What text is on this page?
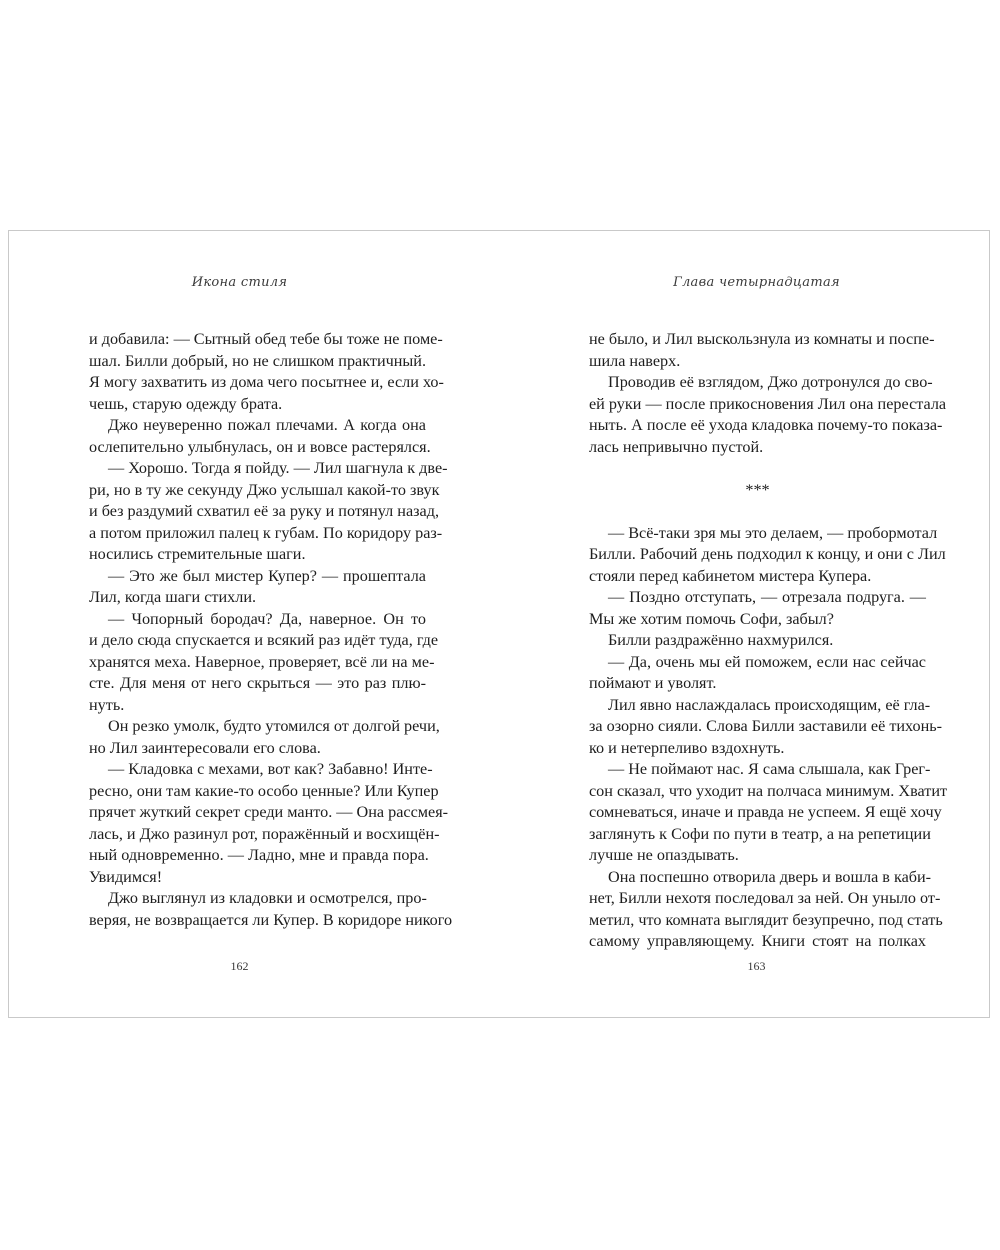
Икона стиля
и добавила: — Сытный обед тебе бы тоже не поме-
шал. Билли добрый, но не слишком практичный.
Я могу захватить из дома чего посытнее и, если хо-
чешь, старую одежду брата.
Джо неуверенно пожал плечами. А когда она
ослепительно улыбнулась, он и вовсе растерялся.
— Хорошо. Тогда я пойду. — Лил шагнула к две-
ри, но в ту же секунду Джо услышал какой-то звук
и без раздумий схватил её за руку и потянул назад,
а потом приложил палец к губам. По коридору раз-
носились стремительные шаги.
— Это же был мистер Купер? — прошептала
Лил, когда шаги стихли.
— Чопорный бородач? Да, наверное. Он то
и дело сюда спускается и всякий раз идёт туда, где
хранятся меха. Наверное, проверяет, всё ли на ме-
сте. Для меня от него скрыться — это раз плю-
нуть.
Он резко умолк, будто утомился от долгой речи,
но Лил заинтересовали его слова.
— Кладовка с мехами, вот как? Забавно! Инте-
ресно, они там какие-то особо ценные? Или Купер
прячет жуткий секрет среди манто. — Она рассмея-
лась, и Джо разинул рот, поражённый и восхищён-
ный одновременно. — Ладно, мне и правда пора.
Увидимся!
Джо выглянул из кладовки и осмотрелся, про-
веряя, не возвращается ли Купер. В коридоре никого
162
Глава четырнадцатая
не было, и Лил выскользнула из комнаты и поспе-
шила наверх.
Проводив её взглядом, Джо дотронулся до сво-
ей руки — после прикосновения Лил она перестала
ныть. А после её ухода кладовка почему-то показа-
лась непривычно пустой.
***
— Всё-таки зря мы это делаем, — пробормотал
Билли. Рабочий день подходил к концу, и они с Лил
стояли перед кабинетом мистера Купера.
— Поздно отступать, — отрезала подруга. —
Мы же хотим помочь Софи, забыл?
Билли раздражённо нахмурился.
— Да, очень мы ей поможем, если нас сейчас
поймают и уволят.
Лил явно наслаждалась происходящим, её гла-
за озорно сияли. Слова Билли заставили её тихонь-
ко и нетерпеливо вздохнуть.
— Не поймают нас. Я сама слышала, как Грег-
сон сказал, что уходит на полчаса минимум. Хватит
сомневаться, иначе и правда не успеем. Я ещё хочу
заглянуть к Софи по пути в театр, а на репетиции
лучше не опаздывать.
Она поспешно отворила дверь и вошла в каби-
нет, Билли нехотя последовал за ней. Он уныло от-
метил, что комната выглядит безупречно, под стать
самому управляющему. Книги стоят на полках
163
